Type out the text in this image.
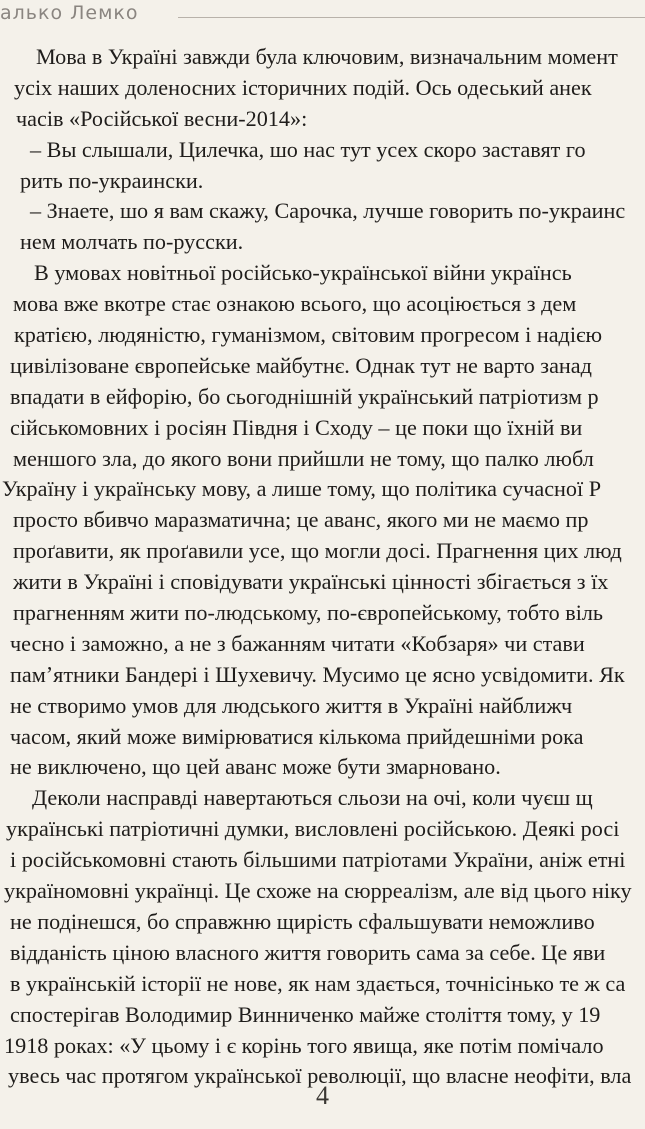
алько Лемко
Мова в Україні завжди була ключовим, визначальним момент
усіх наших доленосних історичних подій. Ось одеський анек
часів «Російської весни-2014»:
– Вы слышали, Цилечка, шо нас тут усех скоро заставят го
рить по-украински.
– Знаете, шо я вам скажу, Сарочка, лучше говорить по-украинс
нем молчать по-русски.
В умовах новітньої російсько-української війни українсь
мова вже вкотре стає ознакою всього, що асоціюється з дем
кратією, людяністю, гуманізмом, світовим прогресом і надією
цивілізоване європейське майбутнє. Однак тут не варто занад
впадати в ейфорію, бо сьогоднішній український патріотизм р
сійськомовних і росіян Півдня і Сходу – це поки що їхній ви
меншого зла, до якого вони прийшли не тому, що палко любл
Україну і українську мову, а лише тому, що політика сучасної Р
просто вбивчо маразматична; це аванс, якого ми не маємо пр
проґавити, як проґавили усе, що могли досі. Прагнення цих люд
жити в Україні і сповідувати українські цінності збігається з їх
прагненням жити по-людському, по-європейському, тобто віль
чесно і заможно, а не з бажанням читати «Кобзаря» чи стави
памʼятники Бандері і Шухевичу. Мусимо це ясно усвідомити. Як
не створимо умов для людського життя в Україні найближч
часом, який може вимірюватися кількома прийдешніми рока
не виключено, що цей аванс може бути змарновано.
Деколи насправді навертаються сльози на очі, коли чуєш щ
українські патріотичні думки, висловлені російською. Деякі росі
і російськомовні стають більшими патріотами України, аніж етні
україномовні українці. Це схоже на сюрреалізм, але від цього ніку
не подінешся, бо справжню щирість сфальшувати неможливо
відданість ціною власного життя говорить сама за себе. Це яви
в українській історії не нове, як нам здається, точнісінько те ж са
спостерігав Володимир Винниченко майже століття тому, у 19
1918 роках: «У цьому і є корінь того явища, яке потім помічало
увесь час протягом української революції, що власне неофіти, вла
4
